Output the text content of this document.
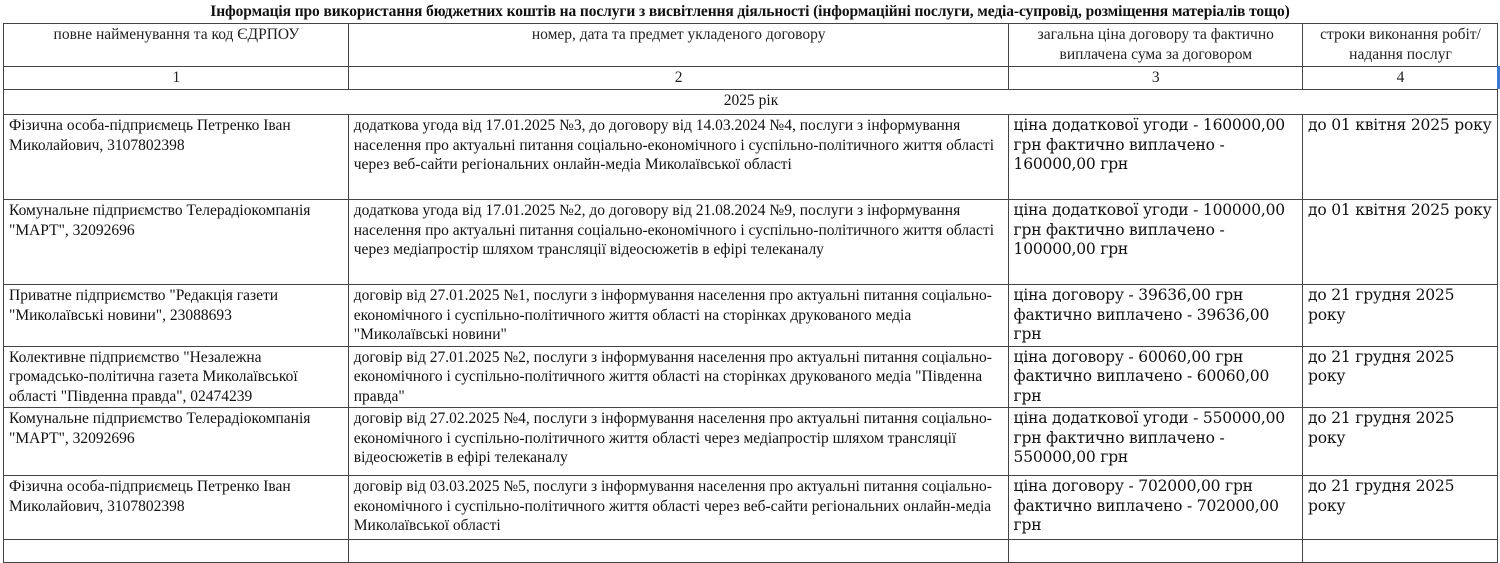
Інформація про використання бюджетних коштів на послуги з висвітлення діяльності (інформаційні послуги, медіа-супровід, розміщення матеріалів тощо)
повне найменування та код ЄДРПОУ	номер, дата та предмет укладеного договору	загальна ціна договору та фактично виплачена сума за договором	строки виконання робіт/надання послуг
1	2	3	4
2025 рік			
Фізична особа-підприємець Петренко Іван Миколайович, 3107802398	додаткова угода від 17.01.2025 №3, до договору від 14.03.2024 №4, послуги з інформування населення про актуальні питання соціально-економічного і суспільно-політичного життя області через веб-сайти регіональних онлайн-медіа Миколаївської області	ціна додаткової угоди - 160000,00 грн фактично виплачено - 160000,00 грн	до 01 квітня 2025 року
Комунальне підприємство Телерадіокомпанія "МАРТ", 32092696	додаткова угода від 17.01.2025 №2, до договору від 21.08.2024 №9, послуги з інформування населення про актуальні питання соціально-економічного і суспільно-політичного життя області через медіапростір шляхом трансляції відеосюжетів в ефірі телеканалу	ціна додаткової угоди - 100000,00 грн фактично виплачено - 100000,00 грн	до 01 квітня 2025 року
Приватне підприємство "Редакція газети "Миколаївські новини", 23088693	договір від 27.01.2025 №1, послуги з інформування населення про актуальні питання соціально-економічного і суспільно-політичного життя області на сторінках друкованого медіа "Миколаївські новини"	ціна договору - 39636,00 грн фактично виплачено - 39636,00 грн	до 21 грудня 2025 року
Колективне підприємство "Незалежна громадсько-політична газета Миколаївської області "Південна правда", 02474239	договір від 27.01.2025 №2, послуги з інформування населення про актуальні питання соціально-економічного і суспільно-політичного життя області на сторінках друкованого медіа "Південна правда"	ціна договору - 60060,00 грн фактично виплачено - 60060,00 грн	до 21 грудня 2025 року
Комунальне підприємство Телерадіокомпанія "МАРТ", 32092696	договір від 27.02.2025 №4, послуги з інформування населення про актуальні питання соціально-економічного і суспільно-політичного життя області через медіапростір шляхом трансляції відеосюжетів в ефірі телеканалу	ціна додаткової угоди - 550000,00 грн фактично виплачено - 550000,00 грн	до 21 грудня 2025 року
Фізична особа-підприємець Петренко Іван Миколайович, 3107802398	договір від 03.03.2025 №5, послуги з інформування населення про актуальні питання соціально-економічного і суспільно-політичного життя області через веб-сайти регіональних онлайн-медіа Миколаївської області	ціна договору - 702000,00 грн фактично виплачено - 702000,00 грн	до 21 грудня 2025 року
